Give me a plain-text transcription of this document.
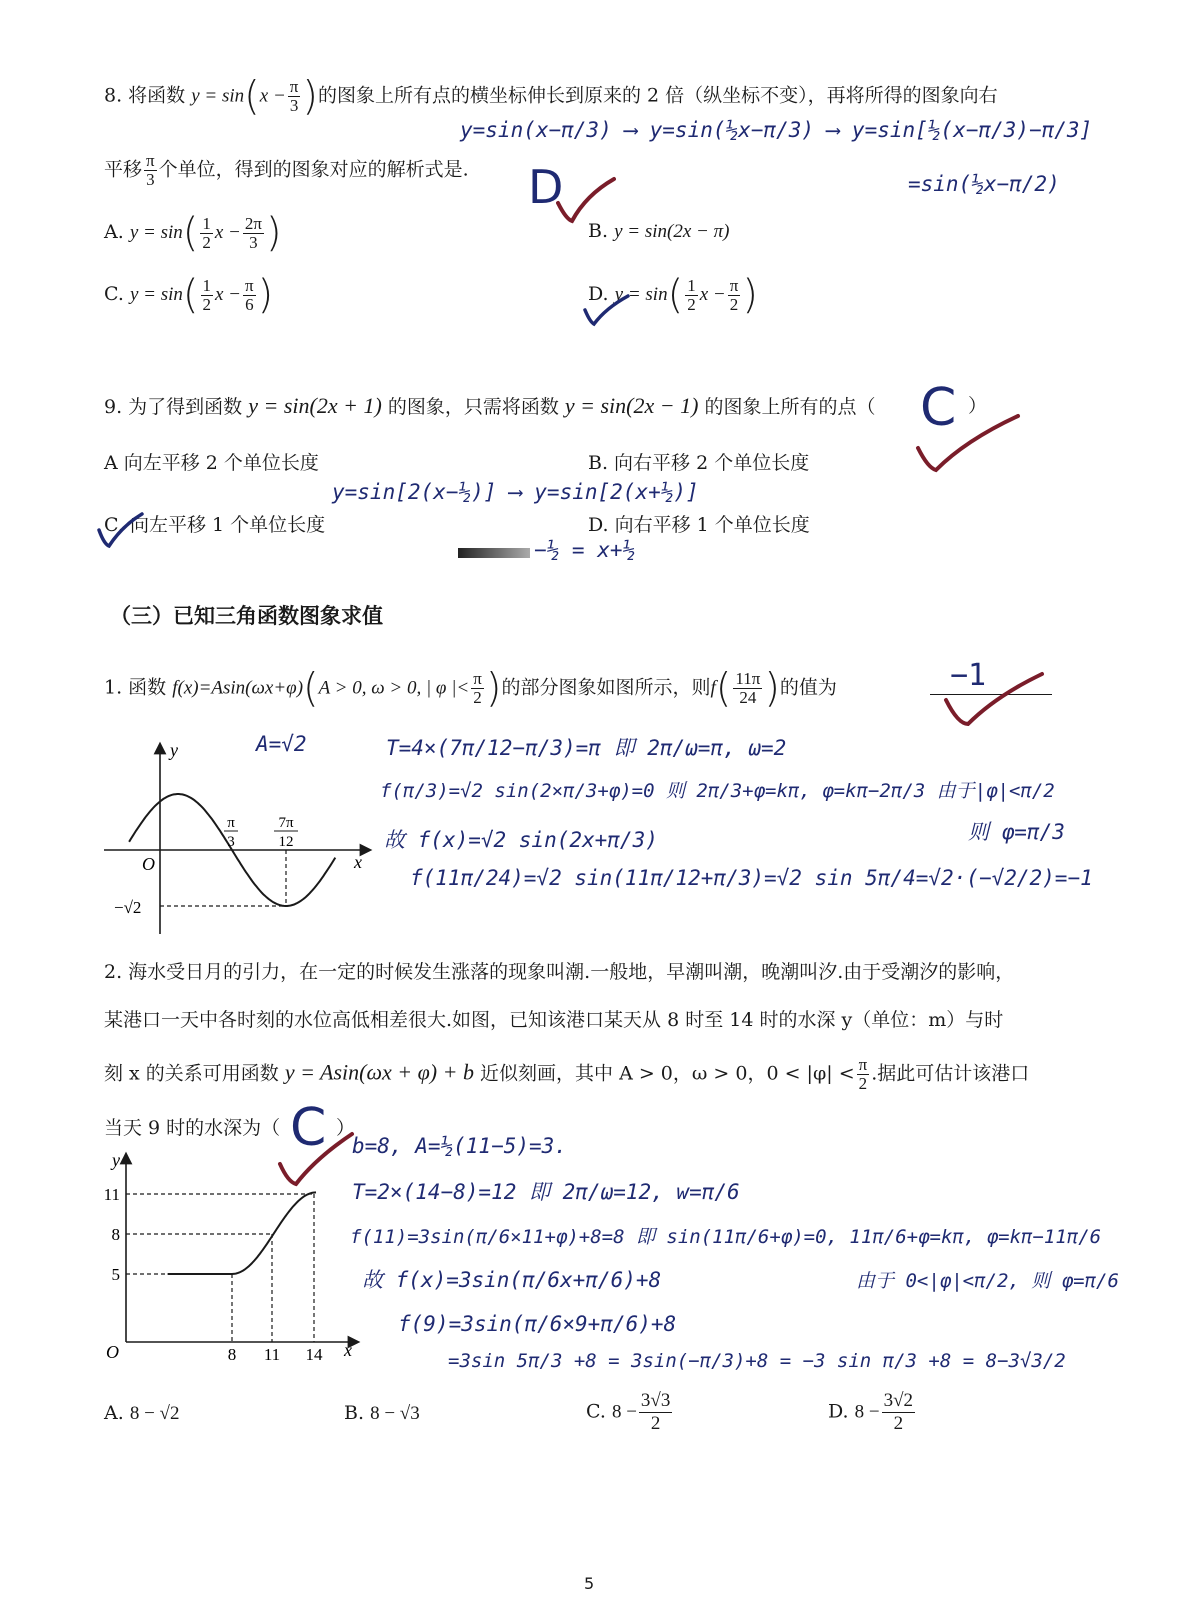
8. 将函数 $y = \sin(x - \frac{\pi}{3}$ )的图象上所有点的横坐标伸长到原来的 2 倍（纵坐标不变），再将所得的图象向右
y=sin(x−π/3) ⟶ y=sin(½x−π/3) ⟶ y=sin[½(x−π/3)−π/3]
平移 $\frac{\pi}{3}$ 个单位，得到的图象对应的解析式是. D	=sin(½x−π/2)
A. $y = \sin( \frac{1}{2}$ $x - \frac{2\pi}{3}$ )	B. y = sin(2x − π)
C. $y = \sin( \frac{1}{2}$ $x - \frac{\pi}{6}$ )	D. $y = \sin( \frac{1}{2}$ $x - \frac{\pi}{2}$ )
9. 为了得到函数 y = sin(2x + 1) 的图象，只需将函数 y = sin(2x − 1) 的图象上所有的点（ C ）
A 向左平移 2 个单位长度	B. 向右平移 2 个单位长度
y=sin[2(x−½)] ⟶ y=sin[2(x+½)]
C. 向左平移 1 个单位长度	D. 向右平移 1 个单位长度
−½ = x+½
（三）已知三角函数图象求值
1. 函数 f(x)=Asin(ωx+φ)(A > 0, ω > 0, | φ |< $\frac{\pi}{2}$ )的部分图象如图所示，则$f( \frac{11\pi}{24}$ )的值为	−1
y
x
O
π
3
7π
12
−√2
A=√2	T=4×(7π/12−π/3)=π 即 2π/ω=π, ω=2
f(π/3)=√2 sin(2×π/3+φ)=0 则 2π/3+φ=kπ, φ=kπ−2π/3 由于|φ|<π/2
则 φ=π/3
故 f(x)=√2 sin(2x+π/3)
f(11π/24)=√2 sin(11π/12+π/3)=√2 sin 5π/4=√2·(−√2/2)=−1
2. 海水受日月的引力，在一定的时候发生涨落的现象叫潮.一般地，早潮叫潮，晚潮叫汐.由于受潮汐的影响，
某港口一天中各时刻的水位高低相差很大.如图，已知该港口某天从 8 时至 14 时的水深 y（单位：m）与时
刻 x 的关系可用函数 y = Asin(ωx + φ) + b 近似刻画，其中 A > 0，ω > 0，$0 < |\varphi| < \frac{\pi}{2}$ .据此可估计该港口
当天 9 时的水深为（ C ）
y
x
O
11
8
5
8 11 14
b=8, A=½(11−5)=3.
T=2×(14−8)=12 即 2π/ω=12, w=π/6
f(11)=3sin(π/6×11+φ)+8=8 即 sin(11π/6+φ)=0, 11π/6+φ=kπ, φ=kπ−11π/6
故 f(x)=3sin(π/6x+π/6)+8	由于 0<|φ|<π/2, 则 φ=π/6
f(9)=3sin(π/6×9+π/6)+8
=3sin 5π/3 +8 = 3sin(−π/3)+8 = −3 sin π/3 +8 = 8−3√3/2
A. 8 − √2	B. 8 − √3	C. $8 - \frac{3√3}{2}$	D. $8 - \frac{3√2}{2}$
5
